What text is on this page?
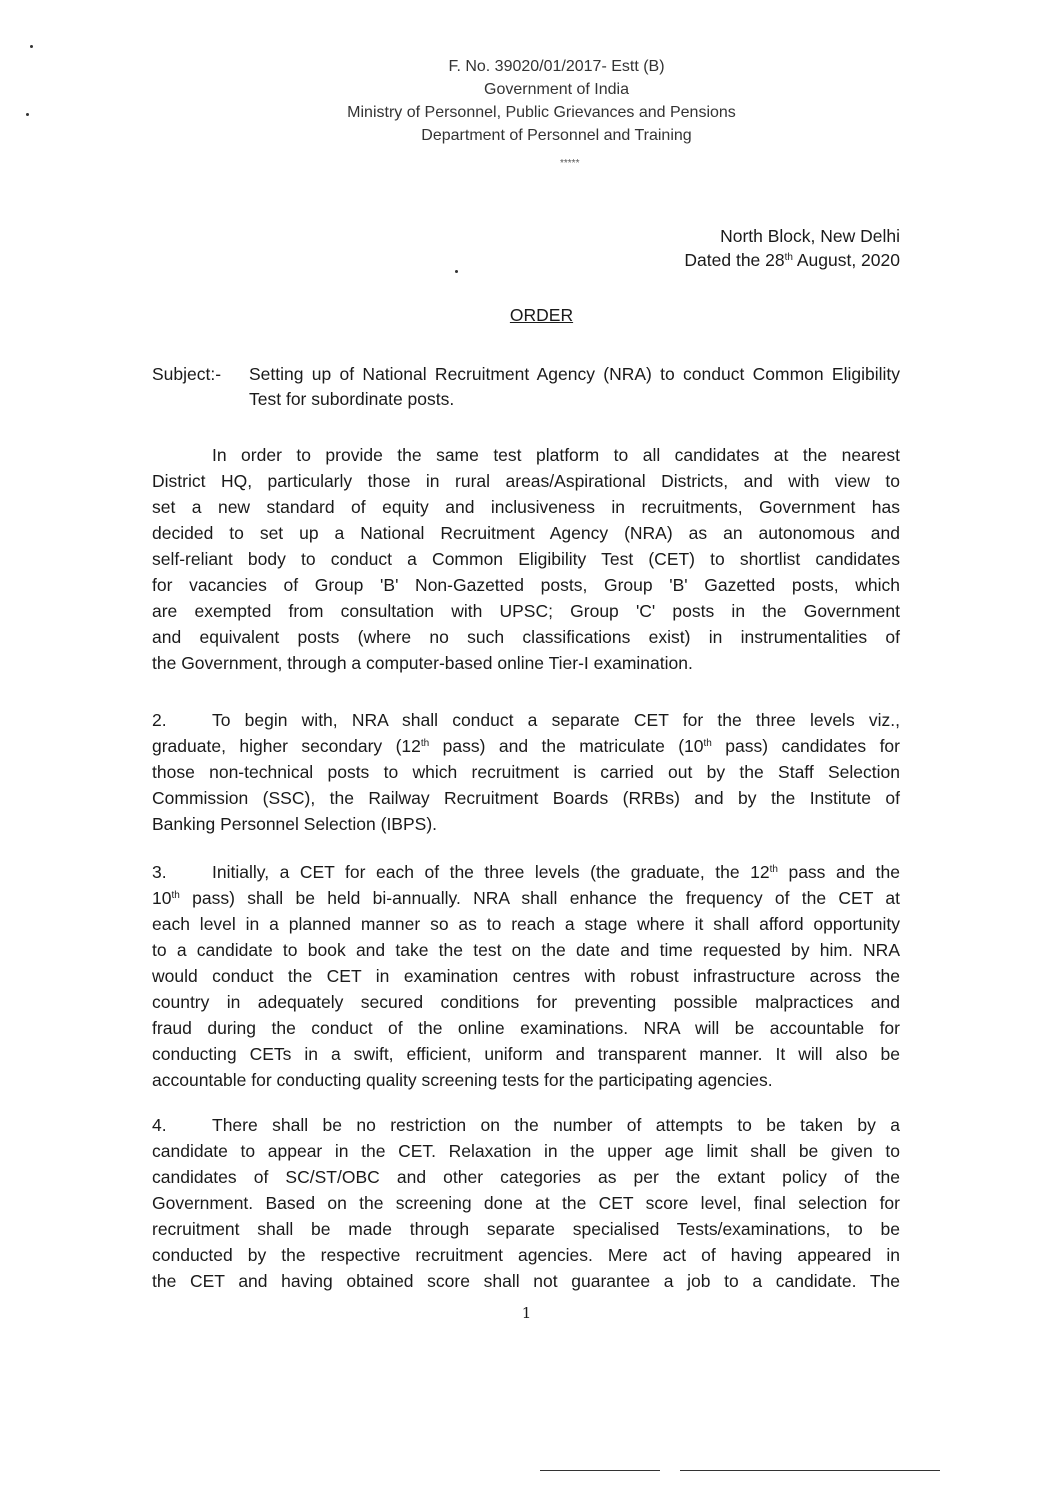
F. No. 39020/01/2017- Estt (B)
Government of India
Ministry of Personnel, Public Grievances and Pensions
Department of Personnel and Training
*****
North Block, New Delhi
Dated the 28th August, 2020
ORDER
Subject:-	Setting up of National Recruitment Agency (NRA) to conduct Common Eligibility Test for subordinate posts.
In order to provide the same test platform to all candidates at the nearest
District HQ, particularly those in rural areas/Aspirational Districts, and with view to
set a new standard of equity and inclusiveness in recruitments, Government has
decided to set up a National Recruitment Agency (NRA) as an autonomous and
self-reliant body to conduct a Common Eligibility Test (CET) to shortlist candidates
for vacancies of Group 'B' Non-Gazetted posts, Group 'B' Gazetted posts, which
are exempted from consultation with UPSC; Group 'C' posts in the Government
and equivalent posts (where no such classifications exist) in instrumentalities of
the Government, through a computer-based online Tier-I examination.
2.	To begin with, NRA shall conduct a separate CET for the three levels viz.,
graduate, higher secondary (12th pass) and the matriculate (10th pass) candidates for
those non-technical posts to which recruitment is carried out by the Staff Selection
Commission (SSC), the Railway Recruitment Boards (RRBs) and by the Institute of
Banking Personnel Selection (IBPS).
3.	Initially, a CET for each of the three levels (the graduate, the 12th pass and the
10th pass) shall be held bi-annually. NRA shall enhance the frequency of the CET at
each level in a planned manner so as to reach a stage where it shall afford opportunity
to a candidate to book and take the test on the date and time requested by him. NRA
would conduct the CET in examination centres with robust infrastructure across the
country in adequately secured conditions for preventing possible malpractices and
fraud during the conduct of the online examinations. NRA will be accountable for
conducting CETs in a swift, efficient, uniform and transparent manner. It will also be
accountable for conducting quality screening tests for the participating agencies.
4.	There shall be no restriction on the number of attempts to be taken by a
candidate to appear in the CET. Relaxation in the upper age limit shall be given to
candidates of SC/ST/OBC and other categories as per the extant policy of the
Government. Based on the screening done at the CET score level, final selection for
recruitment shall be made through separate specialised Tests/examinations, to be
conducted by the respective recruitment agencies. Mere act of having appeared in
the CET and having obtained score shall not guarantee a job to a candidate. The
1
